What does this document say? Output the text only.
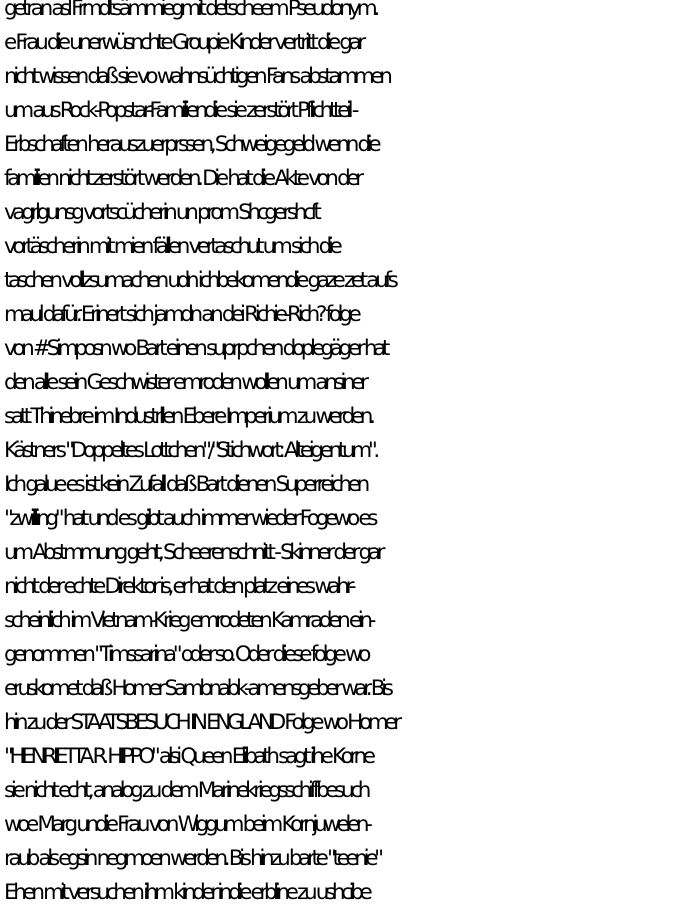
getran asl Frmdtsämmiegmit detscheem Pseudonym.
e Frau die unerwüsnchte Groupie Kinder vertritt die gar
nicht wissen daß sie vo wahnsüchtigen Fans abstammen
um aus Rock-Popstar-Familiendie sie zerstört Pflichtteil -
Erbschaften herauszuerprssen, Schweigegeld wenn die
familien nicht zerstört werden. Die hat die Akte von der
vagrlgunsg vortscücherin un prom Shcgershcft
vortäscherin mit mien fällen vertaschut um sich die
taschen vollzsumachen udn ichbekomendie gaze zet aufs
maul dafür. Erinert sich jamdn an dei Richie-Rich? folge
von #Simposn wo Bart einen suprpchen doplegäger hat
den alle sein Geschwister emroden wollen um ansiner
satt Thinebre im Industrllen Ebere Imperium zu werden.
Kästners "Doppeltes Lottchen"/"Stichwort: Alteigentum".
Ich galue es ist kein Zufall daß Bart dienen Superreichen
"zwilling" hat und es gibt auch immer wieder Fogewo es
um Abstmmung geht, Scheerenschnitt - Skinner der gar
nicht der echte Direktor is, er hat den platz eines wahr-
scheinlich im Vietnam-Krieg emrodeten Kamraden ein-
genommen "Timssarina" oder so. Oder diese folge wo
eruskomet daß Homer Sambnabk-amensgeber war. Bis
hin zu der STAATSBESUCH IN ENGLAND Folge wo Homer
"HENRIETTA R. HIPPO" alsi Queen Elibath sagt ihe Korne
sie nicht echt, analog zu dem Marinekriegsschiffbesuch
woe Marg undie Frau von Wiggum beim Kornjuwelen-
raub als egsin negmoen werden. Bis hinzu barte "teenie"
Ehen mit versuchen ihm kinder indie erbline zu ushcibe
